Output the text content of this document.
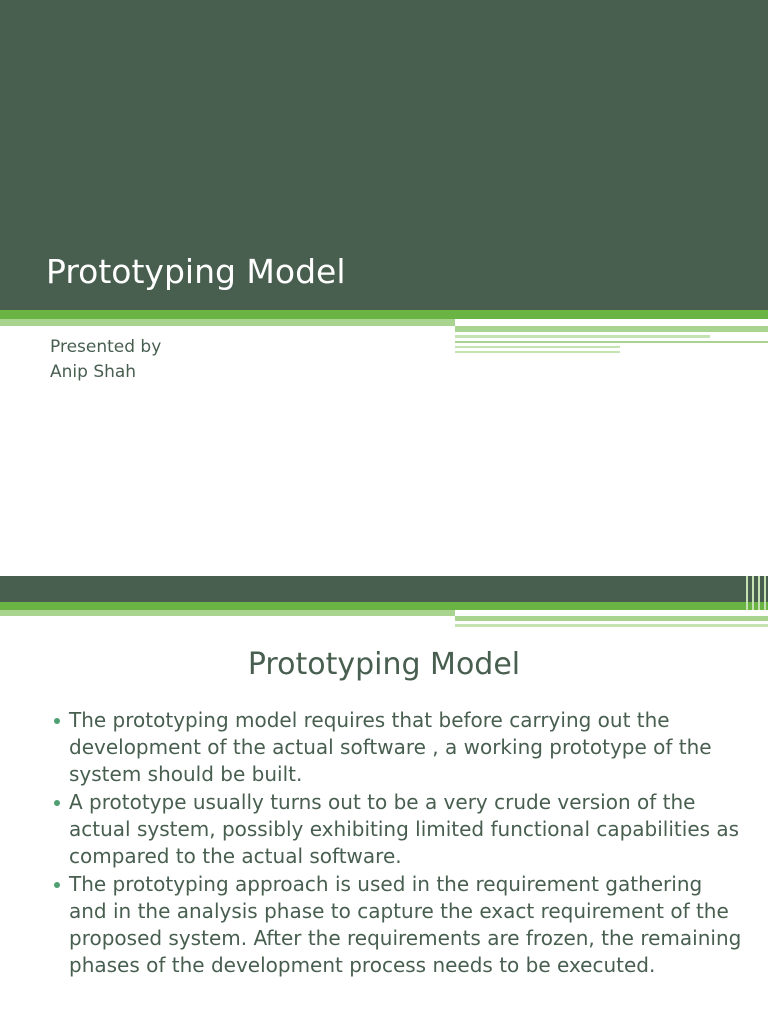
Prototyping Model
Presented by
Anip Shah
Prototyping Model
The prototyping model requires that before carrying out the development of the actual software , a working prototype of the system should be built.
A prototype usually turns out to be a very crude version of the actual system, possibly exhibiting limited functional capabilities as compared to the actual software.
The prototyping approach is used in the requirement gathering and in the analysis phase to capture the exact requirement of the proposed system. After the requirements are frozen, the remaining phases of the development process needs to be executed.
